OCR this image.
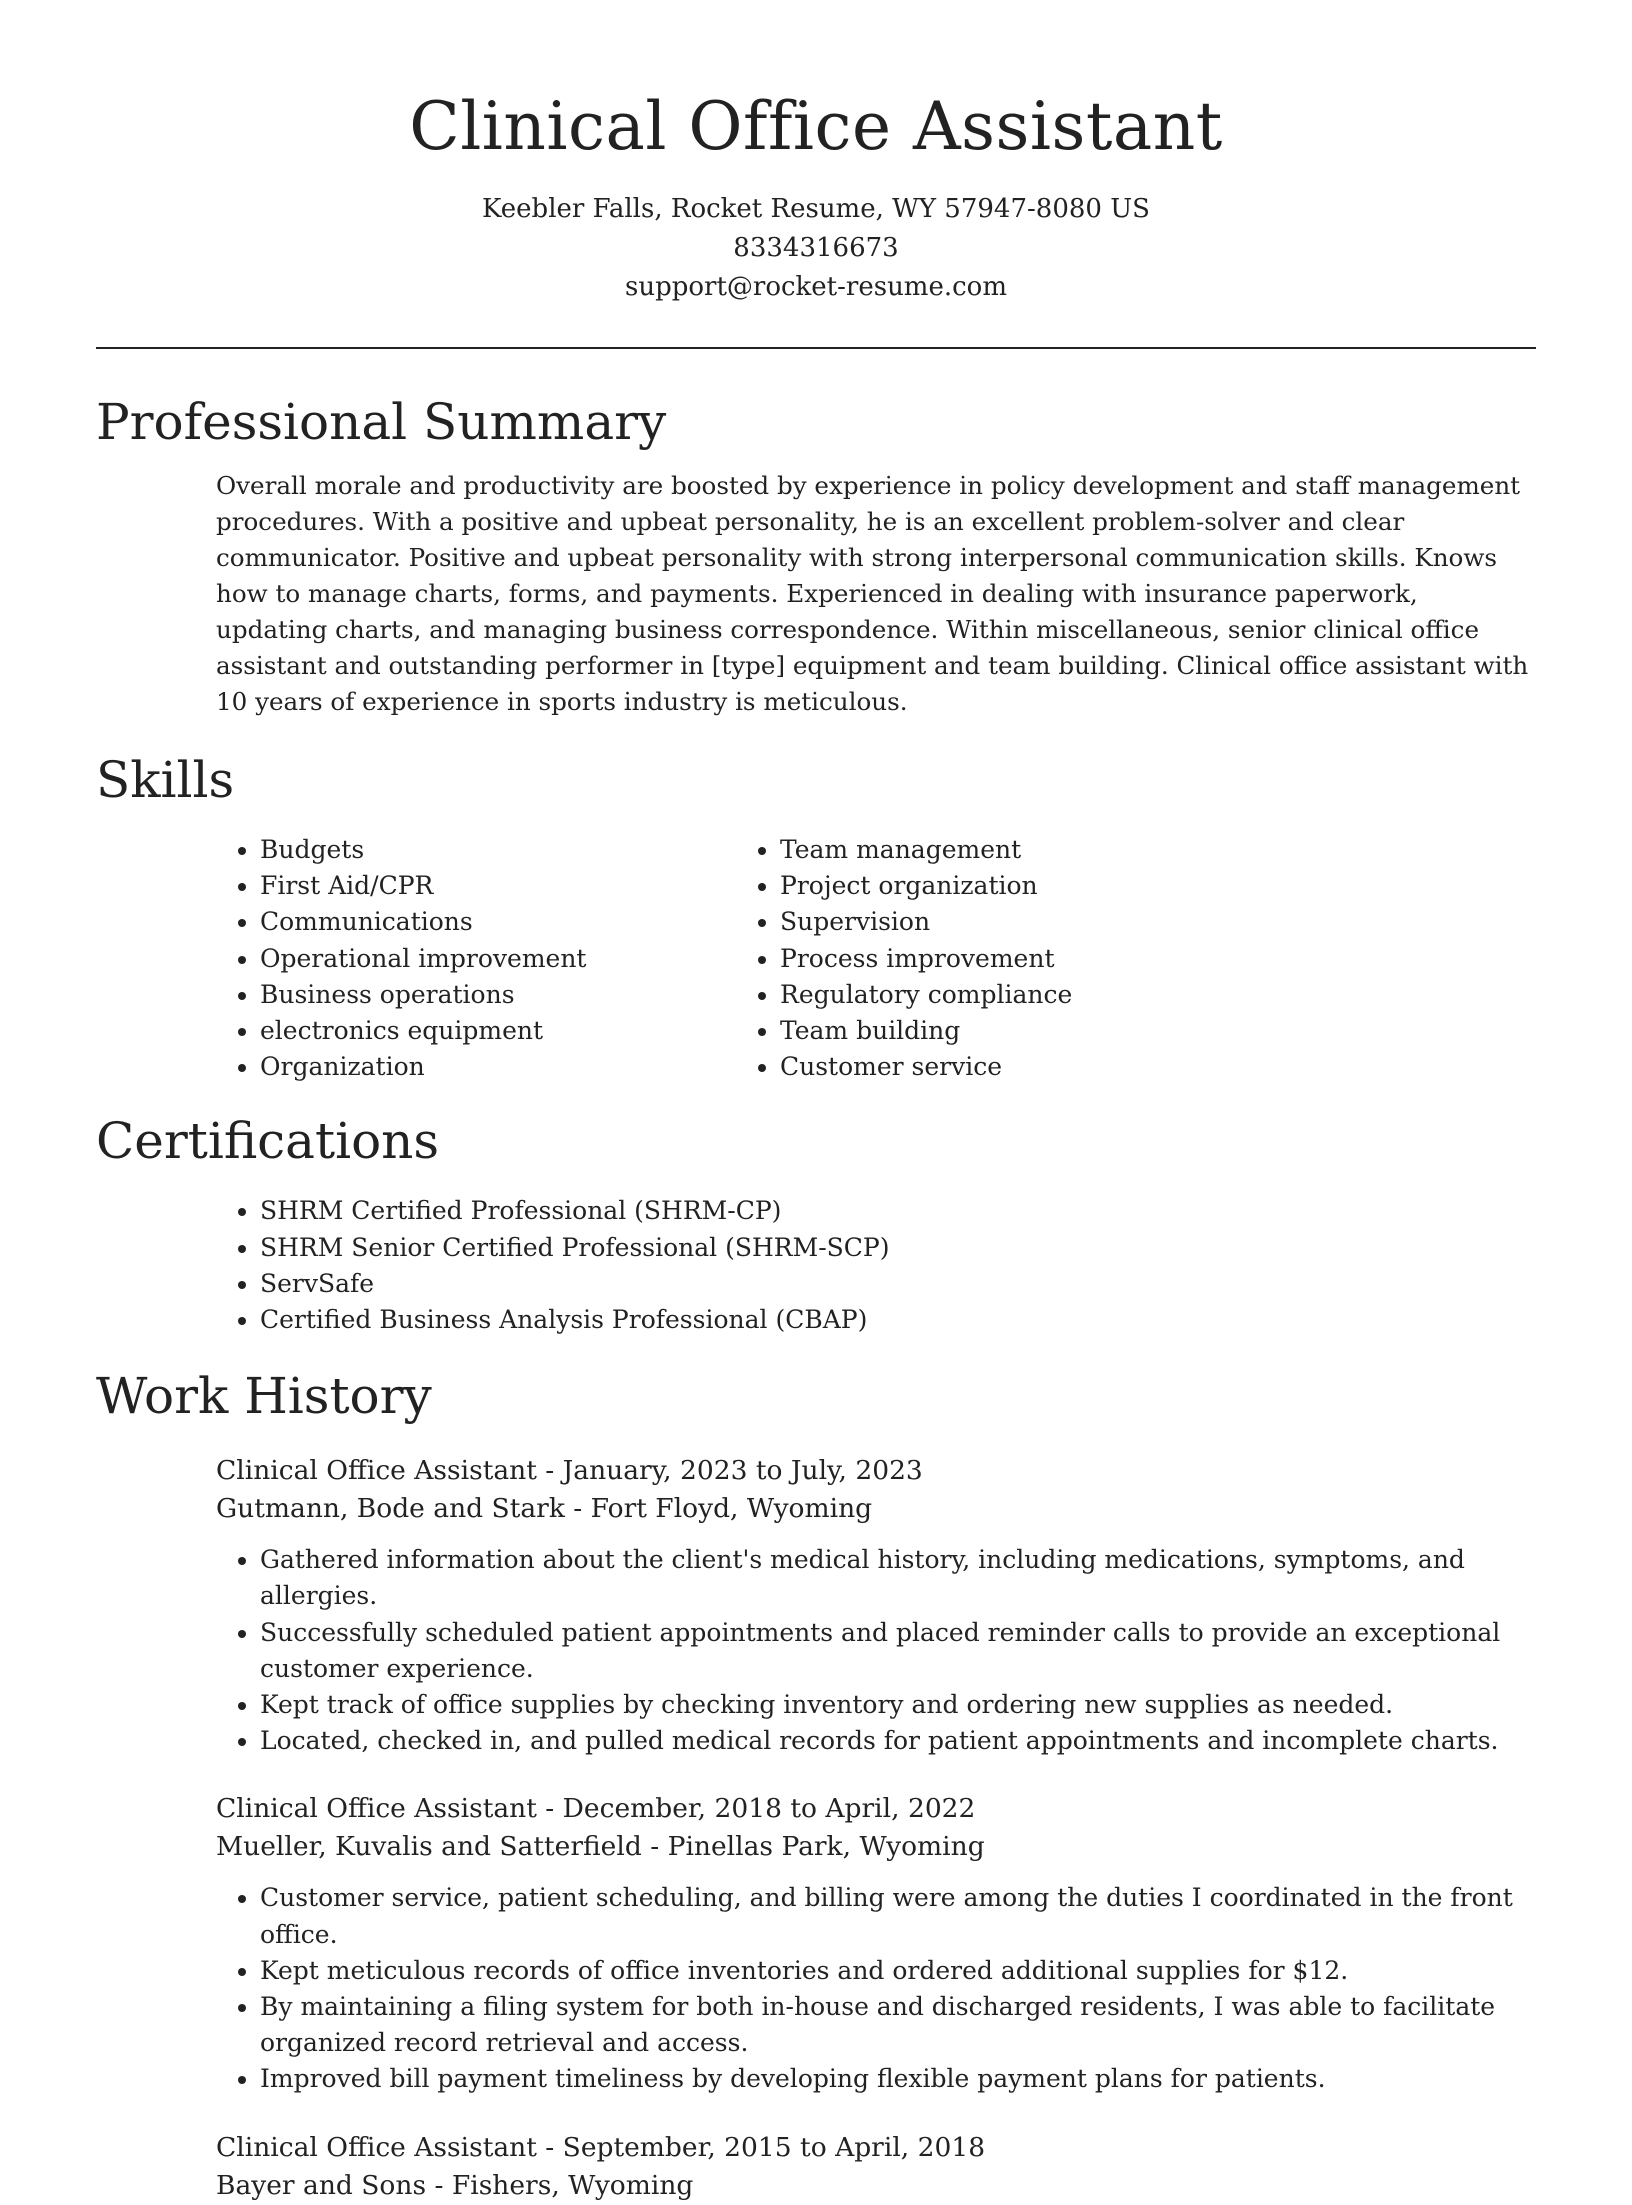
Clinical Office Assistant
Keebler Falls, Rocket Resume, WY 57947-8080 US
8334316673
support@rocket-resume.com
Professional Summary

Overall morale and productivity are boosted by experience in policy development and staff management procedures. With a positive and upbeat personality, he is an excellent problem-solver and clear communicator. Positive and upbeat personality with strong interpersonal communication skills. Knows how to manage charts, forms, and payments. Experienced in dealing with insurance paperwork, updating charts, and managing business correspondence. Within miscellaneous, senior clinical office assistant and outstanding performer in [type] equipment and team building. Clinical office assistant with 10 years of experience in sports industry is meticulous.

Skills
• Budgets
• First Aid/CPR
• Communications
• Operational improvement
• Business operations
• electronics equipment
• Organization
• Team management
• Project organization
• Supervision
• Process improvement
• Regulatory compliance
• Team building
• Customer service
Certifications
• SHRM Certified Professional (SHRM-CP)
• SHRM Senior Certified Professional (SHRM-SCP)
• ServSafe
• Certified Business Analysis Professional (CBAP)
Work History
Clinical Office Assistant - January, 2023 to July, 2023
Gutmann, Bode and Stark - Fort Floyd, Wyoming
• Gathered information about the client's medical history, including medications, symptoms, and allergies.
• Successfully scheduled patient appointments and placed reminder calls to provide an exceptional customer experience.
• Kept track of office supplies by checking inventory and ordering new supplies as needed.
• Located, checked in, and pulled medical records for patient appointments and incomplete charts.
Clinical Office Assistant - December, 2018 to April, 2022
Mueller, Kuvalis and Satterfield - Pinellas Park, Wyoming
• Customer service, patient scheduling, and billing were among the duties I coordinated in the front office.
• Kept meticulous records of office inventories and ordered additional supplies for $12.
• By maintaining a filing system for both in-house and discharged residents, I was able to facilitate organized record retrieval and access.
• Improved bill payment timeliness by developing flexible payment plans for patients.
Clinical Office Assistant - September, 2015 to April, 2018
Bayer and Sons - Fishers, Wyoming
